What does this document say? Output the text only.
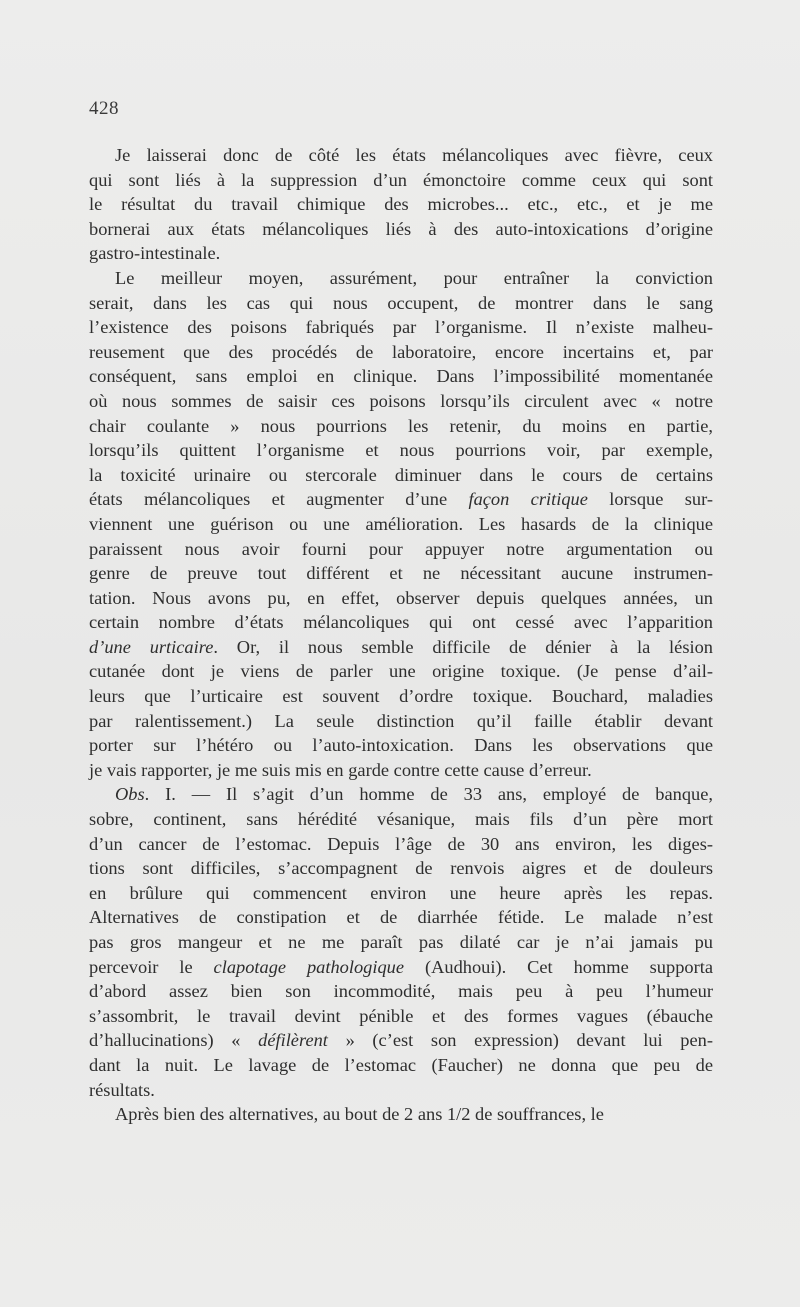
428
Je laisserai donc de côté les états mélancoliques avec fièvre, ceux
qui sont liés à la suppression d’un émonctoire comme ceux qui sont
le résultat du travail chimique des microbes... etc., etc., et je me
bornerai aux états mélancoliques liés à des auto-intoxications d’origine
gastro-intestinale.
Le meilleur moyen, assurément, pour entraîner la conviction
serait, dans les cas qui nous occupent, de montrer dans le sang
l’existence des poisons fabriqués par l’organisme. Il n’existe malheu-
reusement que des procédés de laboratoire, encore incertains et, par
conséquent, sans emploi en clinique. Dans l’impossibilité momentanée
où nous sommes de saisir ces poisons lorsqu’ils circulent avec « notre
chair coulante » nous pourrions les retenir, du moins en partie,
lorsqu’ils quittent l’organisme et nous pourrions voir, par exemple,
la toxicité urinaire ou stercorale diminuer dans le cours de certains
états mélancoliques et augmenter d’une façon critique lorsque sur-
viennent une guérison ou une amélioration. Les hasards de la clinique
paraissent nous avoir fourni pour appuyer notre argumentation ou
genre de preuve tout différent et ne nécessitant aucune instrumen-
tation. Nous avons pu, en effet, observer depuis quelques années, un
certain nombre d’états mélancoliques qui ont cessé avec l’apparition
d’une urticaire. Or, il nous semble difficile de dénier à la lésion
cutanée dont je viens de parler une origine toxique. (Je pense d’ail-
leurs que l’urticaire est souvent d’ordre toxique. Bouchard, maladies
par ralentissement.) La seule distinction qu’il faille établir devant
porter sur l’hétéro ou l’auto-intoxication. Dans les observations que
je vais rapporter, je me suis mis en garde contre cette cause d’erreur.
Obs. I. — Il s’agit d’un homme de 33 ans, employé de banque,
sobre, continent, sans hérédité vésanique, mais fils d’un père mort
d’un cancer de l’estomac. Depuis l’âge de 30 ans environ, les diges-
tions sont difficiles, s’accompagnent de renvois aigres et de douleurs
en brûlure qui commencent environ une heure après les repas.
Alternatives de constipation et de diarrhée fétide. Le malade n’est
pas gros mangeur et ne me paraît pas dilaté car je n’ai jamais pu
percevoir le clapotage pathologique (Audhoui). Cet homme supporta
d’abord assez bien son incommodité, mais peu à peu l’humeur
s’assombrit, le travail devint pénible et des formes vagues (ébauche
d’hallucinations) « défilèrent » (c’est son expression) devant lui pen-
dant la nuit. Le lavage de l’estomac (Faucher) ne donna que peu de
résultats.
Après bien des alternatives, au bout de 2 ans 1/2 de souffrances, le
